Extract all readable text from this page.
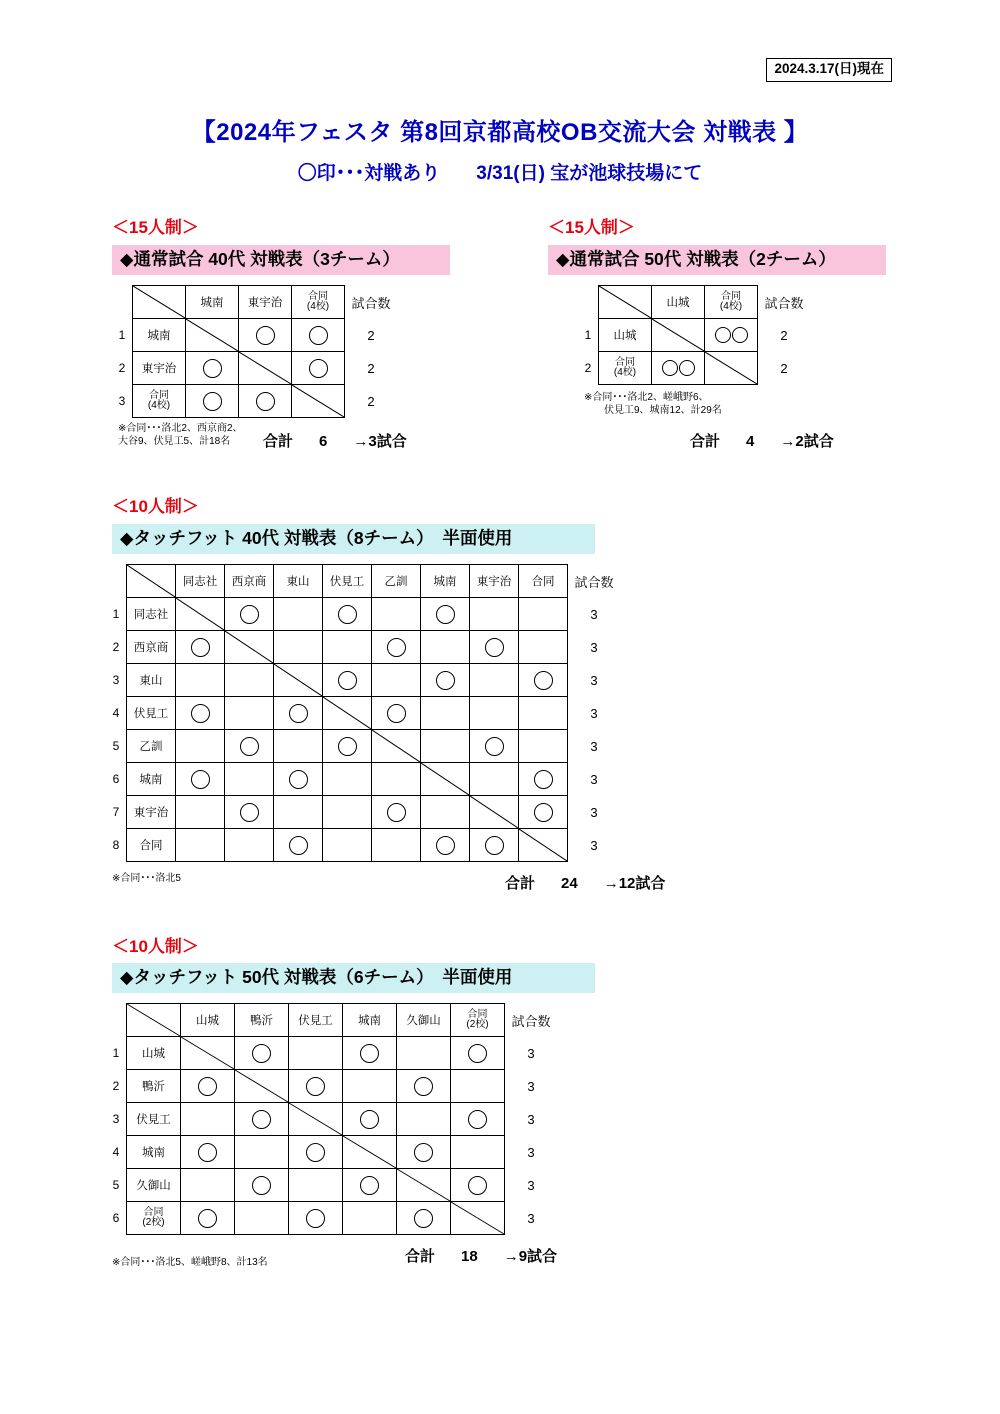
2024.3.17(日)現在
【2024年フェスタ 第8回京都高校OB交流大会 対戦表 】
〇印･･･対戦あり 3/31(日) 宝が池球技場にて
＜15人制＞
◆通常試合 40代 対戦表（3チーム）

	城南	東宇治	合同
(4校)	試合数
1	城南				2
2	東宇治				2
3	合同
(4校)				2
※合同･･･洛北2、西京商2、
大谷9、伏見工5、計18名	合計 6 →3試合
＜15人制＞
◆通常試合 50代 対戦表（2チーム）

	山城	合同
(4校)	試合数
1	山城			2
2	合同
(4校)			2
※合同･･･洛北2、嵯峨野6、
　　伏見工9、城南12、計29名
合計 4 →2試合
＜10人制＞
◆タッチフット 40代 対戦表（8チーム）　半面使用

	同志社	西京商	東山	伏見工	乙訓	城南	東宇治	合同	試合数
1	同志社									3
2	西京商									3
3	東山									3
4	伏見工									3
5	乙訓									3
6	城南									3
7	東宇治									3
8	合同									3
※合同･･･洛北5	合計 24 →12試合
＜10人制＞
◆タッチフット 50代 対戦表（6チーム）　半面使用

	山城	鴨沂	伏見工	城南	久御山	合同
(2校)	試合数
1	山城							3
2	鴨沂							3
3	伏見工							3
4	城南							3
5	久御山							3
6	合同
(2校)							3
※合同･･･洛北5、嵯峨野8、計13名	合計 18 →9試合
